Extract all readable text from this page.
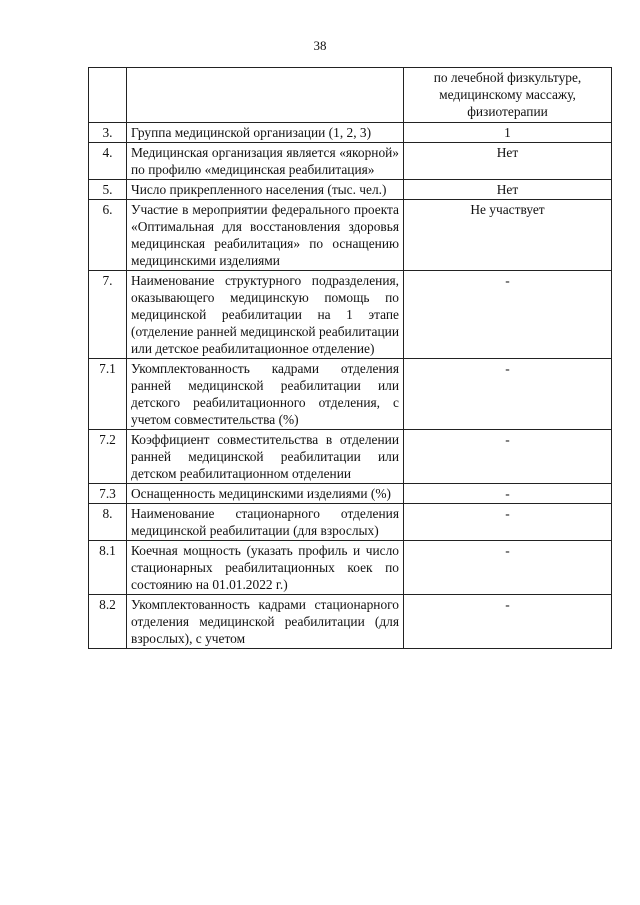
38
		по лечебной физкультуре, медицинскому массажу, физиотерапии
3.	Группа медицинской организации (1, 2, 3)	1
4.	Медицинская организация является «якорной» по профилю «медицинская реабилитация»	Нет
5.	Число прикрепленного населения (тыс. чел.)	Нет
6.	Участие в мероприятии федерального проекта «Оптимальная для восстановления здоровья медицинская реабилитация» по оснащению медицинскими изделиями	Не участвует
7.	Наименование структурного подразделения, оказывающего медицинскую помощь по медицинской реабилитации на 1 этапе (отделение ранней медицинской реабилитации или детское реабилитационное отделение)	-
7.1	Укомплектованность кадрами отделения ранней медицинской реабилитации или детского реабилитационного отделения, с учетом совместительства (%)	-
7.2	Коэффициент совместительства в отделении ранней медицинской реабилитации или детском реабилитационном отделении	-
7.3	Оснащенность медицинскими изделиями (%)	-
8.	Наименование стационарного отделения медицинской реабилитации (для взрослых)	-
8.1	Коечная мощность (указать профиль и число стационарных реабилитационных коек по состоянию на 01.01.2022 г.)	-
8.2	Укомплектованность кадрами стационарного отделения медицинской реабилитации (для взрослых), с учетом	-
